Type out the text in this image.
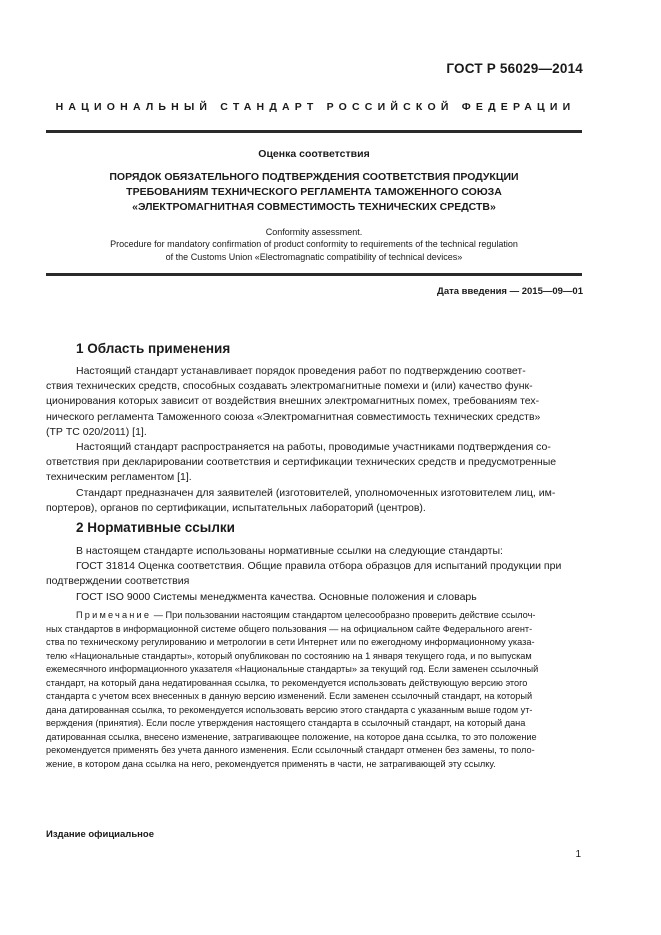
ГОСТ Р 56029—2014
НАЦИОНАЛЬНЫЙ СТАНДАРТ РОССИЙСКОЙ ФЕДЕРАЦИИ
Оценка соответствия
ПОРЯДОК ОБЯЗАТЕЛЬНОГО ПОДТВЕРЖДЕНИЯ СООТВЕТСТВИЯ ПРОДУКЦИИ
ТРЕБОВАНИЯМ ТЕХНИЧЕСКОГО РЕГЛАМЕНТА ТАМОЖЕННОГО СОЮЗА
«ЭЛЕКТРОМАГНИТНАЯ СОВМЕСТИМОСТЬ ТЕХНИЧЕСКИХ СРЕДСТВ»
Conformity assessment.
Procedure for mandatory confirmation of product conformity to requirements of the technical regulation
of the Customs Union «Electromagnatic compatibility of technical devices»
Дата введения — 2015—09—01
1 Область применения
Настоящий стандарт устанавливает порядок проведения работ по подтверждению соответ-
ствия технических средств, способных создавать электромагнитные помехи и (или) качество функ-
ционирования которых зависит от воздействия внешних электромагнитных помех, требованиям тех-
нического регламента Таможенного союза «Электромагнитная совместимость технических средств»
(ТР ТС 020/2011) [1].
Настоящий стандарт распространяется на работы, проводимые участниками подтверждения со-
ответствия при декларировании соответствия и сертификации технических средств и предусмотренные
техническим регламентом [1].
Стандарт предназначен для заявителей (изготовителей, уполномоченных изготовителем лиц, им-
портеров), органов по сертификации, испытательных лабораторий (центров).
2 Нормативные ссылки
В настоящем стандарте использованы нормативные ссылки на следующие стандарты:
ГОСТ 31814 Оценка соответствия. Общие правила отбора образцов для испытаний продукции при
подтверждении соответствия
ГОСТ ISO 9000 Системы менеджмента качества. Основные положения и словарь
Примечание — При пользовании настоящим стандартом целесообразно проверить действие ссылоч-
ных стандартов в информационной системе общего пользования — на официальном сайте Федерального агент-
ства по техническому регулированию и метрологии в сети Интернет или по ежегодному информационному указа-
телю «Национальные стандарты», который опубликован по состоянию на 1 января текущего года, и по выпускам
ежемесячного информационного указателя «Национальные стандарты» за текущий год. Если заменен ссылочный
стандарт, на который дана недатированная ссылка, то рекомендуется использовать действующую версию этого
стандарта с учетом всех внесенных в данную версию изменений. Если заменен ссылочный стандарт, на который
дана датированная ссылка, то рекомендуется использовать версию этого стандарта с указанным выше годом ут-
верждения (принятия). Если после утверждения настоящего стандарта в ссылочный стандарт, на который дана
датированная ссылка, внесено изменение, затрагивающее положение, на которое дана ссылка, то это положение
рекомендуется применять без учета данного изменения. Если ссылочный стандарт отменен без замены, то поло-
жение, в котором дана ссылка на него, рекомендуется применять в части, не затрагивающей эту ссылку.
Издание официальное
1
